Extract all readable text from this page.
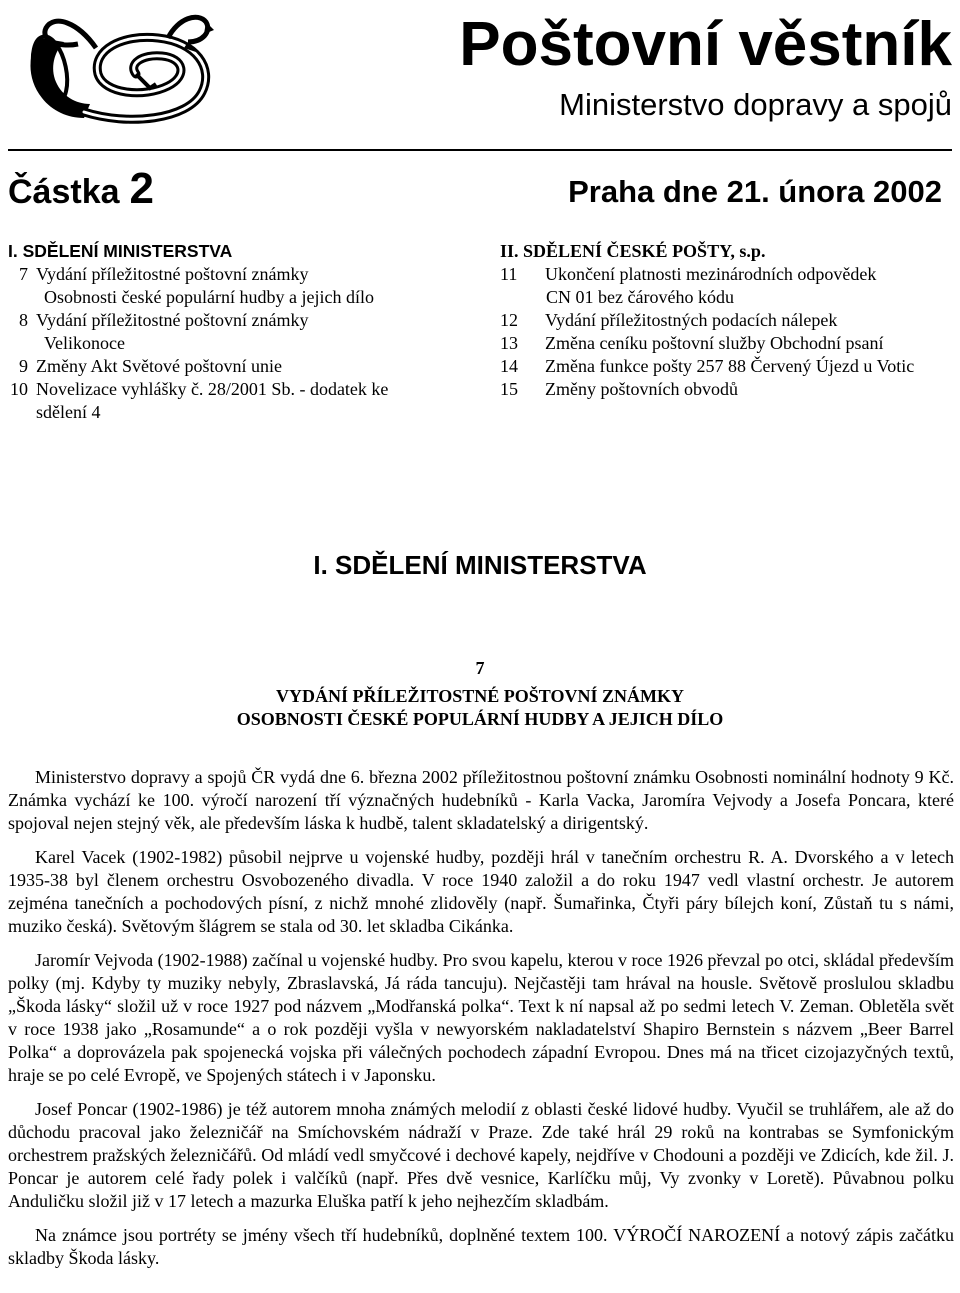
Poštovní věstník
Ministerstvo dopravy a spojů
Částka 2	Praha dne 21. února 2002
I. SDĚLENÍ MINISTERSTVA
7 Vydání příležitostné poštovní známky
Osobnosti české populární hudby a jejich dílo
8 Vydání příležitostné poštovní známky
Velikonoce
9 Změny Akt Světové poštovní unie
10 Novelizace vyhlášky č. 28/2001 Sb. - dodatek ke
sdělení 4
II. SDĚLENÍ ČESKÉ POŠTY, s.p.
11	Ukončení platnosti mezinárodních odpovědek
CN 01 bez čárového kódu
12	Vydání příležitostných podacích nálepek
13	Změna ceníku poštovní služby Obchodní psaní
14	Změna funkce pošty 257 88 Červený Újezd u Votic
15	Změny poštovních obvodů
I. SDĚLENÍ MINISTERSTVA
7
VYDÁNÍ PŘÍLEŽITOSTNÉ POŠTOVNÍ ZNÁMKY
OSOBNOSTI ČESKÉ POPULÁRNÍ HUDBY A JEJICH DÍLO

Ministerstvo dopravy a spojů ČR vydá dne 6. března 2002 příležitostnou poštovní známku Osobnosti nominální hodnoty 9 Kč. Známka vychází ke 100. výročí narození tří význačných hudebníků - Karla Vacka, Jaromíra Vejvody a Josefa Poncara, které spojoval nejen stejný věk, ale především láska k hudbě, talent skladatelský a dirigentský.

Karel Vacek (1902-1982) působil nejprve u vojenské hudby, později hrál v tanečním orchestru R. A. Dvorského a v letech 1935-38 byl členem orchestru Osvobozeného divadla. V roce 1940 založil a do roku 1947 vedl vlastní orchestr. Je autorem zejména tanečních a pochodových písní, z nichž mnohé zlidověly (např. Šumařinka, Čtyři páry bílejch koní, Zůstaň tu s námi, muziko česká). Světovým šlágrem se stala od 30. let skladba Cikánka.

Jaromír Vejvoda (1902-1988) začínal u vojenské hudby. Pro svou kapelu, kterou v roce 1926 převzal po otci, skládal především polky (mj. Kdyby ty muziky nebyly, Zbraslavská, Já ráda tancuju). Nejčastěji tam hrával na housle. Světově proslulou skladbu „Škoda lásky“ složil už v roce 1927 pod názvem „Modřanská polka“. Text k ní napsal až po sedmi letech V. Zeman. Obletěla svět v roce 1938 jako „Rosamunde“ a o rok později vyšla v newyorském nakladatelství Shapiro Bernstein s názvem „Beer Barrel Polka“ a doprovázela pak spojenecká vojska při válečných pochodech západní Evropou. Dnes má na třicet cizojazyčných textů, hraje se po celé Evropě, ve Spojených státech i v Japonsku.

Josef Poncar (1902-1986) je též autorem mnoha známých melodií z oblasti české lidové hudby. Vyučil se truhlářem, ale až do důchodu pracoval jako železničář na Smíchovském nádraží v Praze. Zde také hrál 29 roků na kontrabas se Symfonickým orchestrem pražských železničářů. Od mládí vedl smyčcové i dechové kapely, nejdříve v Chodouni a později ve Zdicích, kde žil. J. Poncar je autorem celé řady polek i valčíků (např. Přes dvě vesnice, Karlíčku můj, Vy zvonky v Loretě). Půvabnou polku Anduličku složil již v 17 letech a mazurka Eluška patří k jeho nejhezčím skladbám.

Na známce jsou portréty se jmény všech tří hudebníků, doplněné textem 100. VÝROČÍ NAROZENÍ a notový zápis začátku skladby Škoda lásky.
